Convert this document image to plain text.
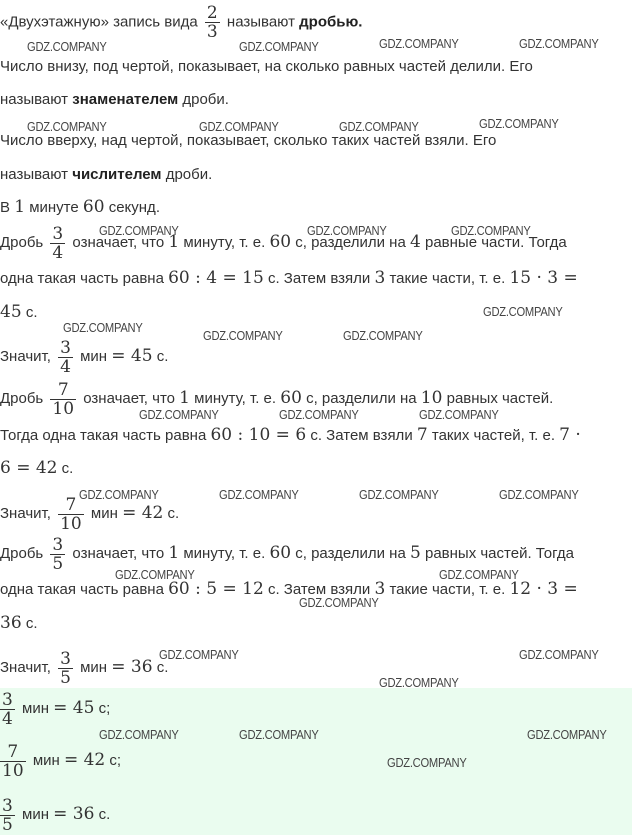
«Двухэтажную» запись вида $\frac{2}{3}$ называют дробью.
Число внизу, под чертой, показывает, на сколько равных частей делили. Его
называют знаменателем дроби.
Число вверху, над чертой, показывает, сколько таких частей взяли. Его
называют числителем дроби.
В 1 минуте 60 секунд.
Дробь $\frac{3}{4}$ означает, что 1 минуту, т. е. 60 с, разделили на 4 равные части. Тогда
одна такая часть равна 60 : 4 = 15 с. Затем взяли 3 такие части, т. е. 15 · 3 =
45 с.
Значит, $\frac{3}{4}$ мин = 45 с.
Дробь $\frac{7}{10}$ означает, что 1 минуту, т. е. 60 с, разделили на 10 равных частей.
Тогда одна такая часть равна 60 : 10 = 6 с. Затем взяли 7 таких частей, т. е. 7 ·
6 = 42 с.
Значит, $\frac{7}{10}$ мин = 42 с.
Дробь $\frac{3}{5}$ означает, что 1 минуту, т. е. 60 с, разделили на 5 равных частей. Тогда
одна такая часть равна 60 : 5 = 12 с. Затем взяли 3 такие части, т. е. 12 · 3 =
36 с.
Значит, $\frac{3}{5}$ мин = 36 с.
$\frac{3}{4}$ мин = 45 с;
$\frac{7}{10}$ мин = 42 с;
$\frac{3}{5}$ мин = 36 с.
GDZ.COMPANY	GDZ.COMPANY	GDZ.COMPANY	GDZ.COMPANY
GDZ.COMPANY	GDZ.COMPANY	GDZ.COMPANY	GDZ.COMPANY
GDZ.COMPANY	GDZ.COMPANY	GDZ.COMPANY
GDZ.COMPANY
GDZ.COMPANY
GDZ.COMPANY	GDZ.COMPANY
GDZ.COMPANY	GDZ.COMPANY	GDZ.COMPANY
GDZ.COMPANY	GDZ.COMPANY	GDZ.COMPANY	GDZ.COMPANY
GDZ.COMPANY	GDZ.COMPANY
GDZ.COMPANY
GDZ.COMPANY	GDZ.COMPANY
GDZ.COMPANY
GDZ.COMPANY	GDZ.COMPANY	GDZ.COMPANY
GDZ.COMPANY
